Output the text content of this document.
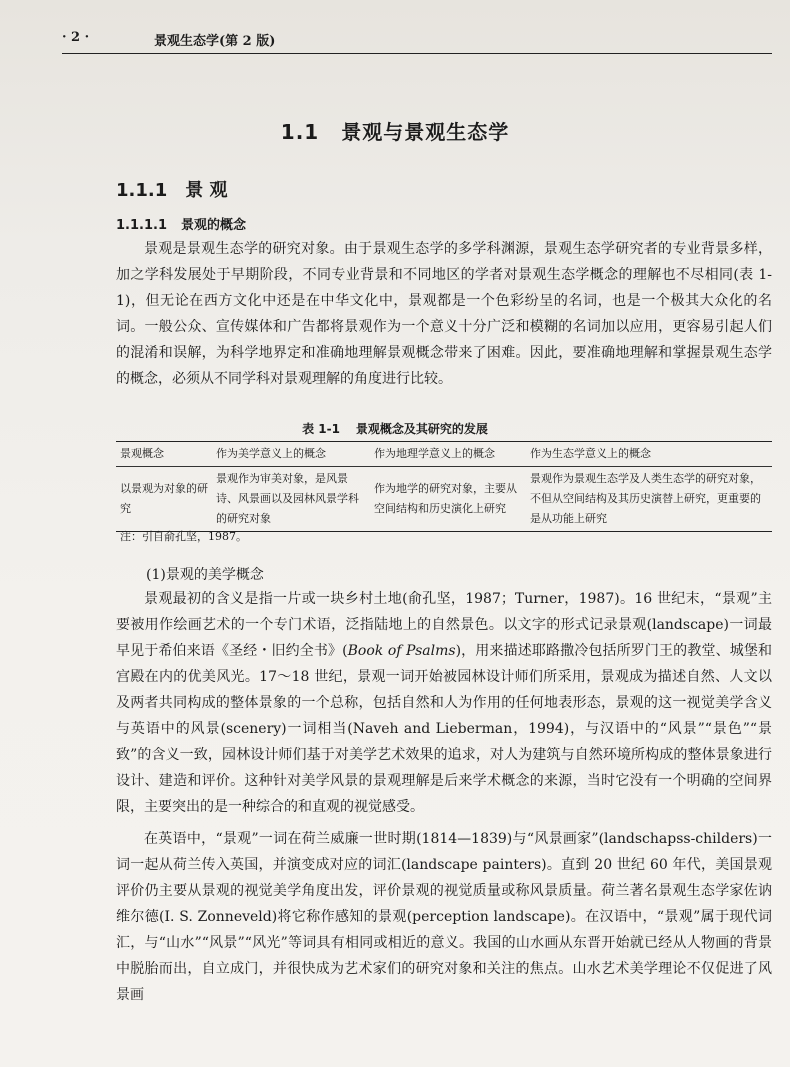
· 2 ·	景观生态学(第 2 版)
1.1 景观与景观生态学
1.1.1 景 观
1.1.1.1 景观的概念

景观是景观生态学的研究对象。由于景观生态学的多学科渊源，景观生态学研究者的专业背景多样，加之学科发展处于早期阶段，不同专业背景和不同地区的学者对景观生态学概念的理解也不尽相同(表 1-1)，但无论在西方文化中还是在中华文化中，景观都是一个色彩纷呈的名词，也是一个极其大众化的名词。一般公众、宣传媒体和广告都将景观作为一个意义十分广泛和模糊的名词加以应用，更容易引起人们的混淆和误解，为科学地界定和准确地理解景观概念带来了困难。因此，要准确地理解和掌握景观生态学的概念，必须从不同学科对景观理解的角度进行比较。

表 1-1 景观概念及其研究的发展
景观概念	作为美学意义上的概念	作为地理学意义上的概念	作为生态学意义上的概念
以景观为对象的研究	景观作为审美对象，是风景诗、风景画以及园林风景学科的研究对象	作为地学的研究对象，主要从空间结构和历史演化上研究	景观作为景观生态学及人类生态学的研究对象，不但从空间结构及其历史演替上研究，更重要的是从功能上研究
注：引自俞孔坚，1987。
(1)景观的美学概念

景观最初的含义是指一片或一块乡村土地(俞孔坚，1987；Turner，1987)。16 世纪末，“景观”主要被用作绘画艺术的一个专门术语，泛指陆地上的自然景色。以文字的形式记录景观(landscape)一词最早见于希伯来语《圣经・旧约全书》(Book of Psalms)，用来描述耶路撒冷包括所罗门王的教堂、城堡和宫殿在内的优美风光。17～18 世纪，景观一词开始被园林设计师们所采用，景观成为描述自然、人文以及两者共同构成的整体景象的一个总称，包括自然和人为作用的任何地表形态，景观的这一视觉美学含义与英语中的风景(scenery)一词相当(Naveh and Lieberman，1994)，与汉语中的“风景”“景色”“景致”的含义一致，园林设计师们基于对美学艺术效果的追求，对人为建筑与自然环境所构成的整体景象进行设计、建造和评价。这种针对美学风景的景观理解是后来学术概念的来源，当时它没有一个明确的空间界限，主要突出的是一种综合的和直观的视觉感受。

在英语中，“景观”一词在荷兰威廉一世时期(1814—1839)与“风景画家”(landschapss-childers)一词一起从荷兰传入英国，并演变成对应的词汇(landscape painters)。直到 20 世纪 60 年代，美国景观评价仍主要从景观的视觉美学角度出发，评价景观的视觉质量或称风景质量。荷兰著名景观生态学家佐讷维尔德(I. S. Zonneveld)将它称作感知的景观(perception landscape)。在汉语中，“景观”属于现代词汇，与“山水”“风景”“风光”等词具有相同或相近的意义。我国的山水画从东晋开始就已经从人物画的背景中脱胎而出，自立成门，并很快成为艺术家们的研究对象和关注的焦点。山水艺术美学理论不仅促进了风景画
